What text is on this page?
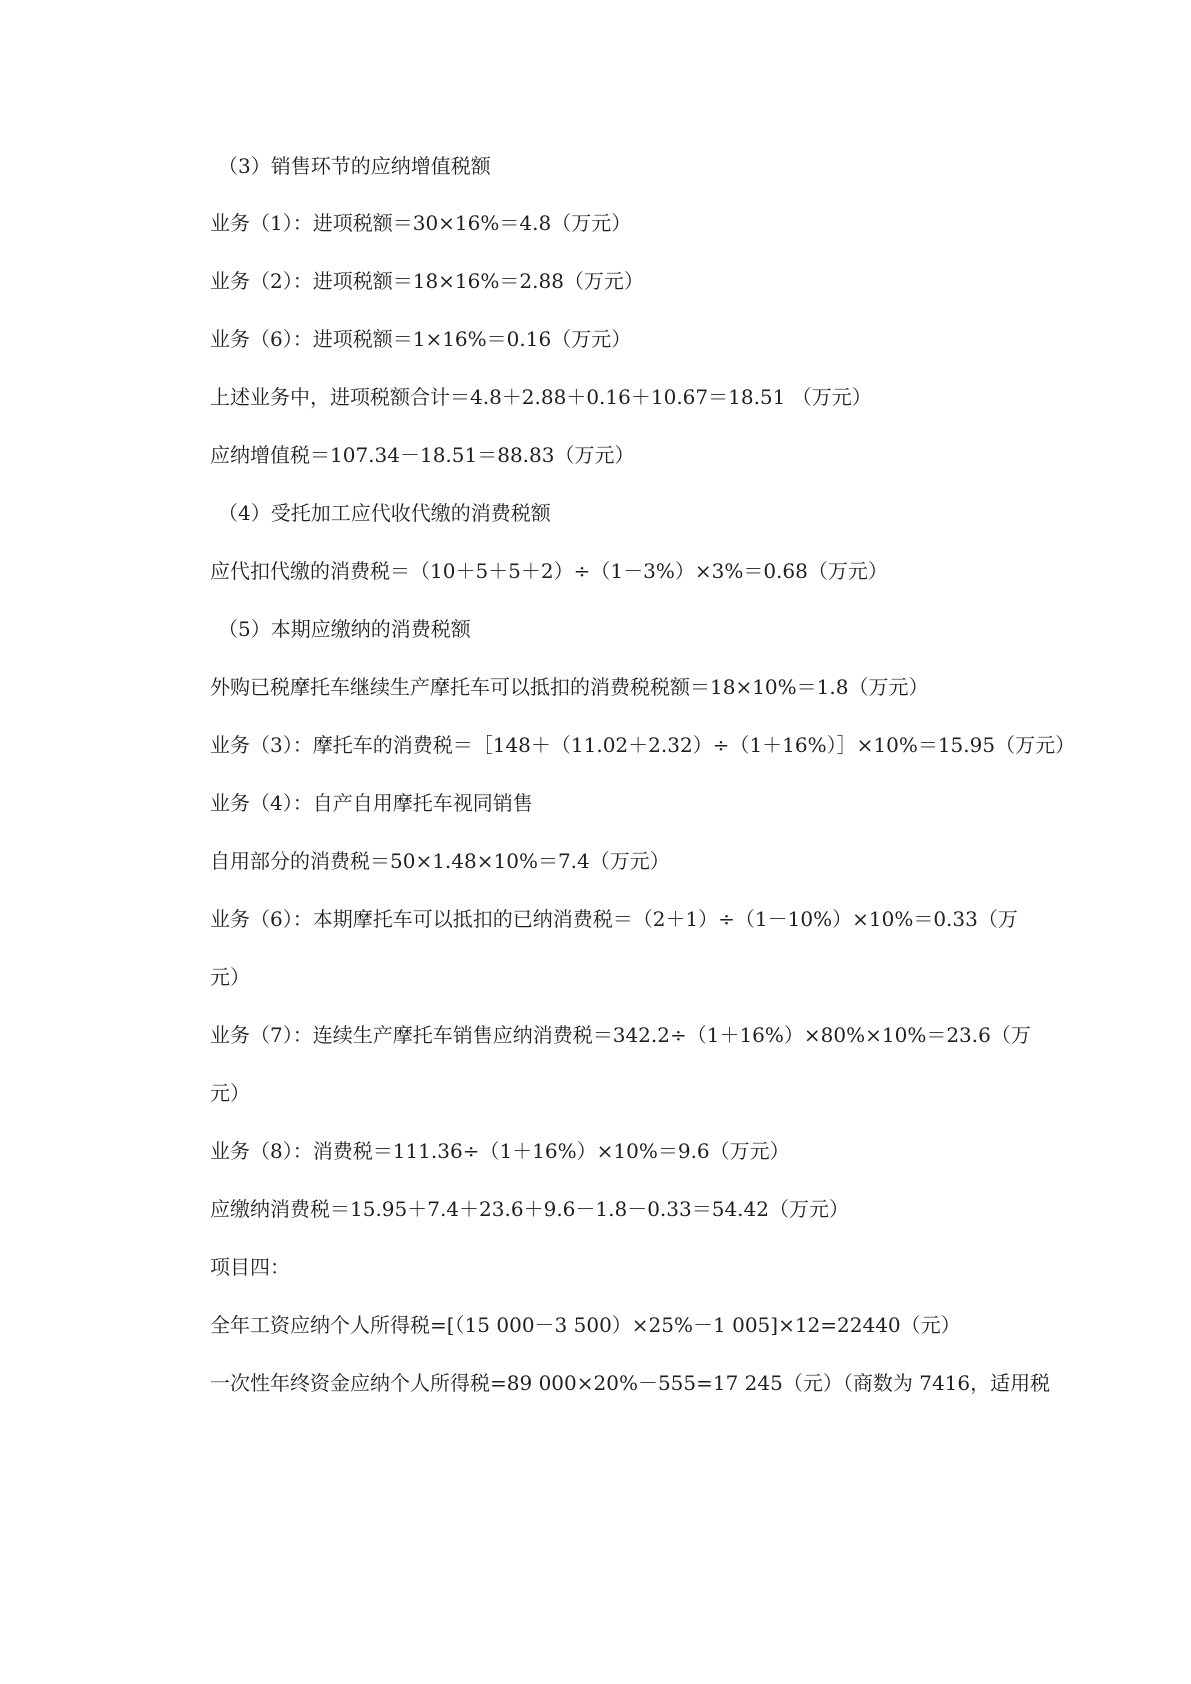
（3）销售环节的应纳增值税额
业务（1）：进项税额＝30×16%＝4.8（万元）
业务（2）：进项税额＝18×16%＝2.88（万元）
业务（6）：进项税额＝1×16%＝0.16（万元）
上述业务中，进项税额合计＝4.8＋2.88＋0.16＋10.67＝18.51 （万元）
应纳增值税＝107.34－18.51＝88.83（万元）
（4）受托加工应代收代缴的消费税额
应代扣代缴的消费税＝（10＋5＋5＋2）÷（1－3%）×3%＝0.68（万元）
（5）本期应缴纳的消费税额
外购已税摩托车继续生产摩托车可以抵扣的消费税税额＝18×10%＝1.8（万元）
业务（3）：摩托车的消费税＝［148＋（11.02＋2.32）÷（1＋16%）］×10%＝15.95（万元）
业务（4）：自产自用摩托车视同销售
自用部分的消费税＝50×1.48×10%＝7.4（万元）
业务（6）：本期摩托车可以抵扣的已纳消费税＝（2＋1）÷（1－10%）×10%＝0.33（万
元）
业务（7）：连续生产摩托车销售应纳消费税＝342.2÷（1＋16%）×80%×10%＝23.6（万
元）
业务（8）：消费税＝111.36÷（1＋16%）×10%＝9.6（万元）
应缴纳消费税＝15.95＋7.4＋23.6＋9.6－1.8－0.33＝54.42（万元）
项目四：
全年工资应纳个人所得税=[（15 000－3 500）×25%－1 005]×12=22440（元）
一次性年终资金应纳个人所得税=89 000×20%－555=17 245（元）（商数为 7416，适用税
